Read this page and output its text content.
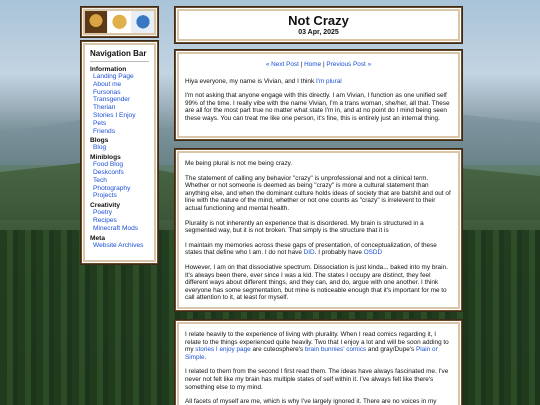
Navigation Bar
Information
Landing Page
About me
Fursonas
Transgender
Therian
Stories I Enjoy
Pets
Friends
Blogs
Blog
Miniblogs
Food Blog
Deskconfs
Tech
Photography
Projects
Creativity
Poetry
Recipes
Minecraft Mods
Meta
Website Archives
Not Crazy
03 Apr, 2025

« Next Post | Home | Previous Post »

Hiya everyone, my name is Vivian, and I think I'm plural

I'm not asking that anyone engage with this directly. I am Vivian, I function as one unified self 99% of the time. I really vibe with the name Vivian, I'm a trans woman, she/her, all that. These are all for the most part true no matter what state I'm in, and at no point do I mind being seen these ways. You can treat me like one person, it's fine, this is entirely just an internal thing.

Me being plural is not me being crazy.

The statement of calling any behavior "crazy" is unprofessional and not a clinical term. Whether or not someone is deemed as being "crazy" is more a cultural statement than anything else, and when the dominant culture holds ideas of society that are batshit and out of line with the nature of the mind, whether or not one counts as "crazy" is irrelevent to their actual functioning and mental health.

Plurality is not inherently an experience that is disordered. My brain is structured in a segmented way, but it is not broken. That simply is the structure that it is

I maintain my memories across these gaps of presentation, of conceptualization, of these states that define who I am. I do not have DID. I probably have OSDD

However, I am on that dissociative spectrum. Dissociation is just kinda... baked into my brain. It's always been there, ever since I was a kid. The states I occupy are distinct, they feel different ways about different things, and they can, and do, argue with one another. I think everyone has some segmentation, but mine is noticeable enough that it's important for me to call attention to it, at least for myself.

I relate heavily to the experience of living with plurality. When I read comics regarding it, I relate to the things experienced quite heavily. Two that I enjoy a lot and will be soon adding to my stories I enjoy page are cuteosphere's brain bunnies' comics and gray/Dupe's Plain or Simple.

I related to them from the second I first read them. The ideas have always fascinated me. I've never not felt like my brain has multiple states of self within it. I've always felt like there's something else to my mind.

All facets of myself are me, which is why I've largely ignored it. There are no voices in my
